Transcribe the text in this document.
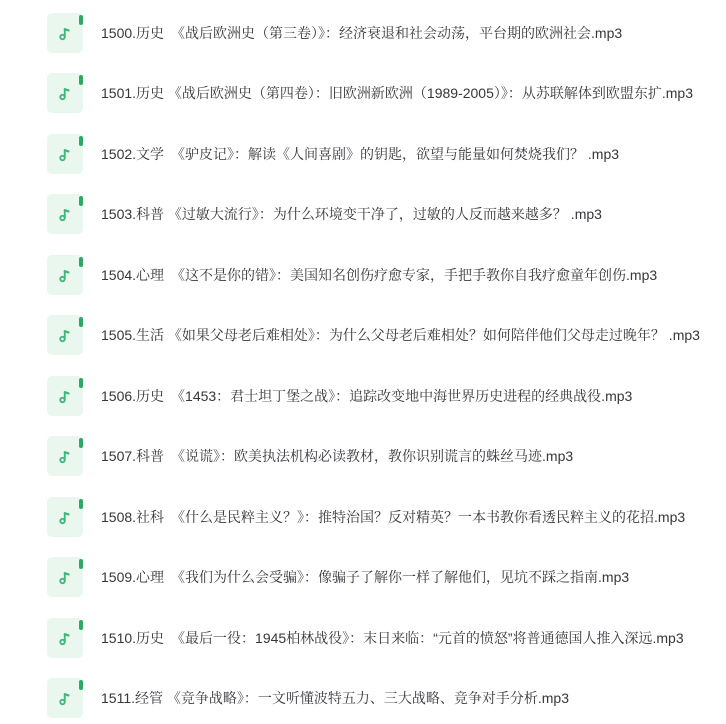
1500.历史　《战后欧洲史（第三卷）》：经济衰退和社会动荡，平台期的欧洲社会.mp3
1501.历史 《战后欧洲史（第四卷）：旧欧洲新欧洲（1989-2005）》：从苏联解体到欧盟东扩.mp3
1502.文学　《驴皮记》：解读《人间喜剧》的钥匙，欲望与能量如何焚烧我们？ .mp3
1503.科普 《过敏大流行》：为什么环境变干净了，过敏的人反而越来越多？ .mp3
1504.心理　《这不是你的错》：美国知名创伤疗愈专家，手把手教你自我疗愈童年创伤.mp3
1505.生活 《如果父母老后难相处》：为什么父母老后难相处？如何陪伴他们父母走过晚年？ .mp3
1506.历史　《1453：君士坦丁堡之战》：追踪改变地中海世界历史进程的经典战役.mp3
1507.科普　《说谎》：欧美执法机构必读教材，教你识别谎言的蛛丝马迹.mp3
1508.社科　《什么是民粹主义？》：推特治国？反对精英？一本书教你看透民粹主义的花招.mp3
1509.心理　《我们为什么会受骗》：像骗子了解你一样了解他们，见坑不踩之指南.mp3
1510.历史　《最后一役：1945柏林战役》：末日来临：“元首的愤怒”将普通德国人推入深远.mp3
1511.经管 《竞争战略》：一文听懂波特五力、三大战略、竞争对手分析.mp3
